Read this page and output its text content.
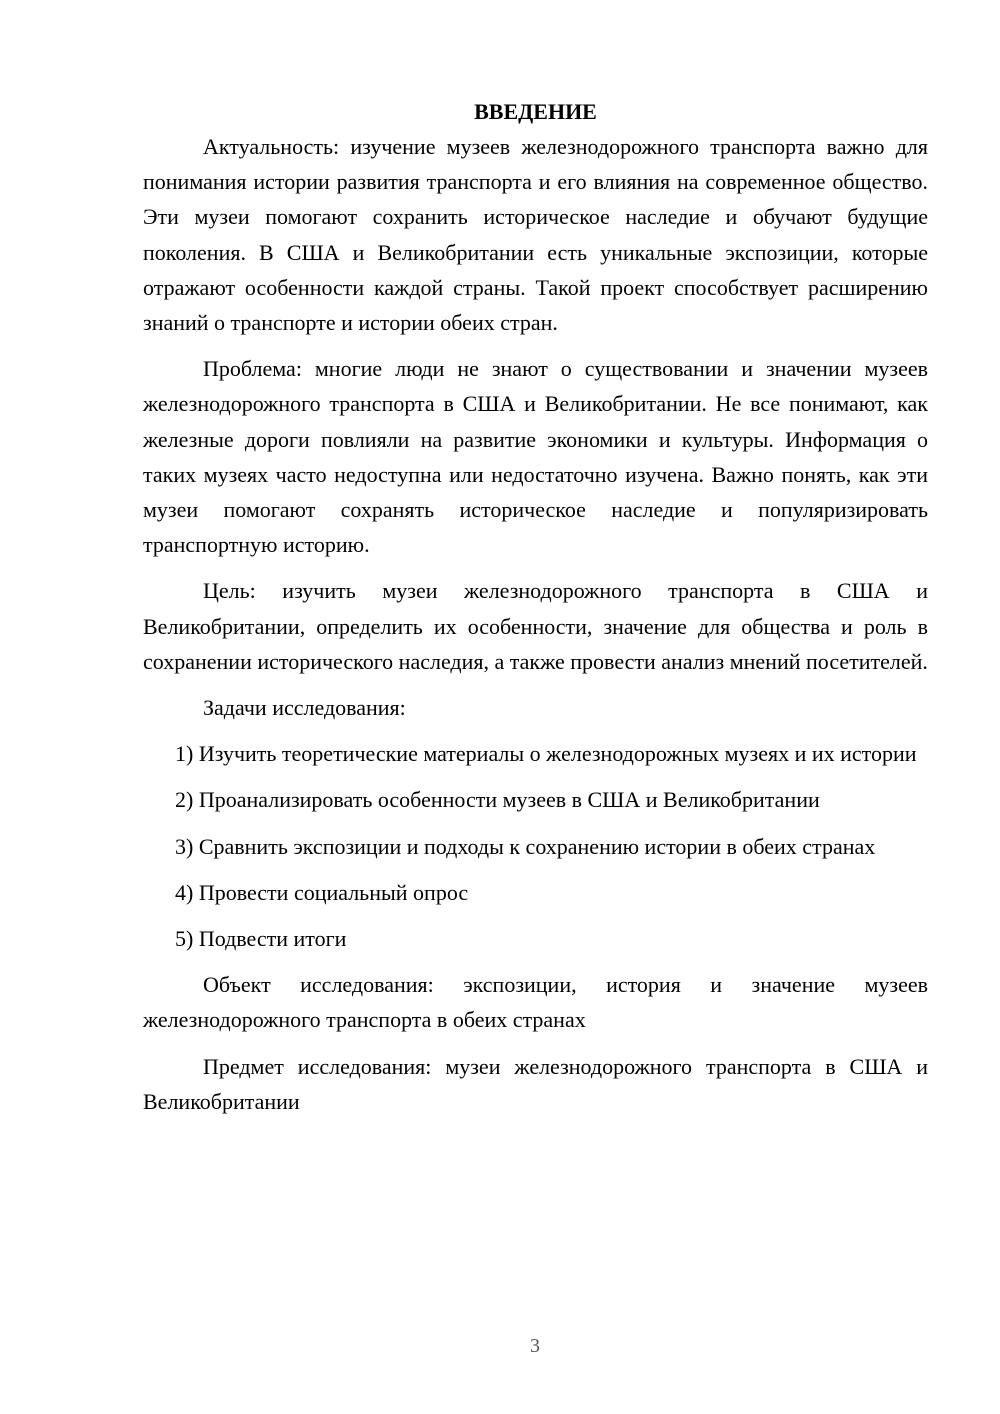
ВВЕДЕНИЕ

Актуальность: изучение музеев железнодорожного транспорта важно для понимания истории развития транспорта и его влияния на современное общество. Эти музеи помогают сохранить историческое наследие и обучают будущие поколения. В США и Великобритании есть уникальные экспозиции, которые отражают особенности каждой страны. Такой проект способствует расширению знаний о транспорте и истории обеих стран.

Проблема: многие люди не знают о существовании и значении музеев железнодорожного транспорта в США и Великобритании. Не все понимают, как железные дороги повлияли на развитие экономики и культуры. Информация о таких музеях часто недоступна или недостаточно изучена. Важно понять, как эти музеи помогают сохранять историческое наследие и популяризировать транспортную историю.

Цель: изучить музеи железнодорожного транспорта в США и Великобритании, определить их особенности, значение для общества и роль в сохранении исторического наследия, а также провести анализ мнений посетителей.

Задачи исследования:

1) Изучить теоретические материалы о железнодорожных музеях и их истории

2) Проанализировать особенности музеев в США и Великобритании

3) Сравнить экспозиции и подходы к сохранению истории в обеих странах

4) Провести социальный опрос

5) Подвести итоги

Объект исследования: экспозиции, история и значение музеев железнодорожного транспорта в обеих странах

Предмет исследования: музеи железнодорожного транспорта в США и Великобритании

3
